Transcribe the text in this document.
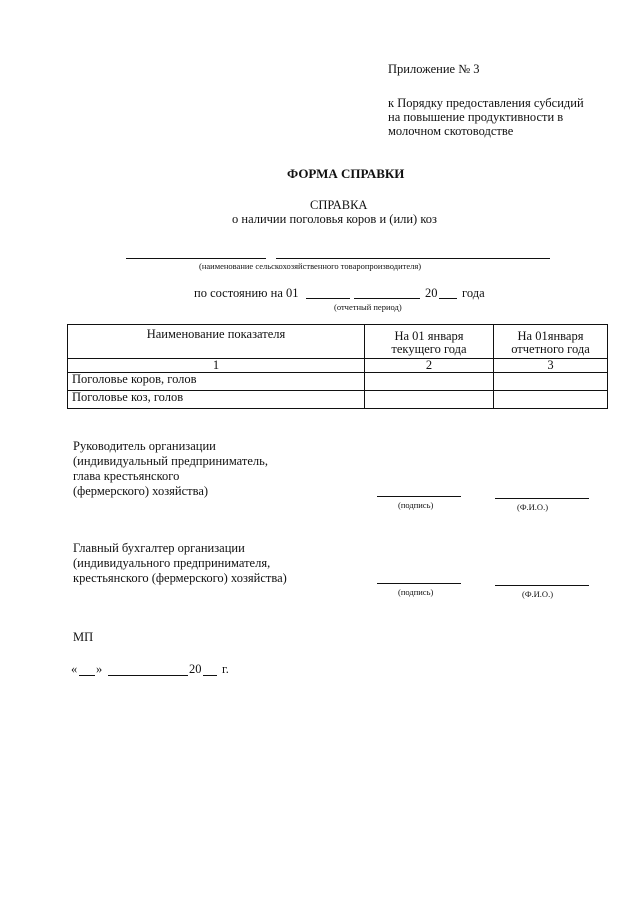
Приложение № 3
к Порядку предоставления субсидий
на повышение продуктивности в
молочном скотоводстве
ФОРМА СПРАВКИ
СПРАВКА
о наличии поголовья коров и (или) коз
(наименование сельскохозяйственного товаропроизводителя)
по состоянию на 01	20 года
(отчетный период)
Наименование показателя	На 01 января текущего года	На 01января отчетного года
1	2	3
Поголовье коров, голов		
Поголовье коз, голов		
Руководитель организации
(индивидуальный предприниматель,
глава крестьянского
(фермерского) хозяйства)
(подпись)	(Ф.И.О.)
Главный бухгалтер организации
(индивидуального предпринимателя,
крестьянского (фермерского) хозяйства)
(подпись)	(Ф.И.О.)
МП
« »	20 г.
